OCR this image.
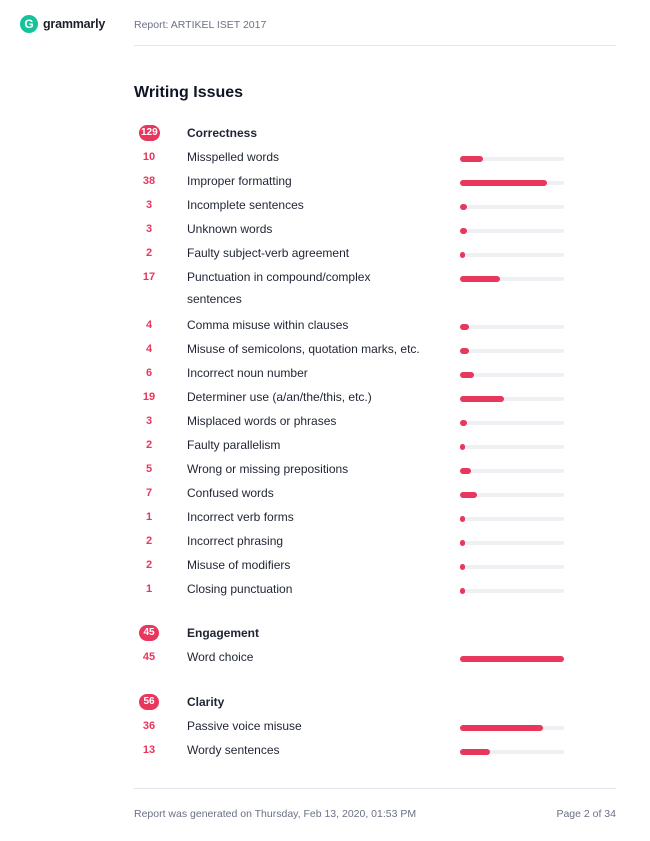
G grammarly	Report: ARTIKEL ISET 2017
Writing Issues
129 Correctness
10	Misspelled words
38	Improper formatting
3	Incomplete sentences
3	Unknown words
2	Faulty subject-verb agreement
17	Punctuation in compound/complex sentences
4	Comma misuse within clauses
4	Misuse of semicolons, quotation marks, etc.
6	Incorrect noun number
19	Determiner use (a/an/the/this, etc.)
3	Misplaced words or phrases
2	Faulty parallelism
5	Wrong or missing prepositions
7	Confused words
1	Incorrect verb forms
2	Incorrect phrasing
2	Misuse of modifiers
1	Closing punctuation
45	Engagement
45	Word choice
56	Clarity
36	Passive voice misuse
13	Wordy sentences
Report was generated on Thursday, Feb 13, 2020, 01:53 PM	Page 2 of 34
